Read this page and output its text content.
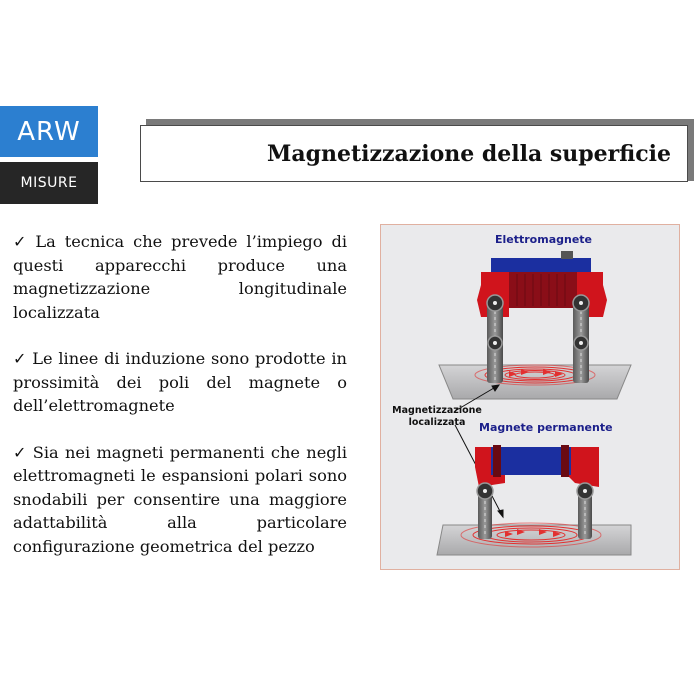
ARW
MISURE
Magnetizzazione della superficie
✓ La tecnica che prevede l’impiego di questi apparecchi produce una magnetizzazione longitudinale localizzata
✓ Le linee di induzione sono prodotte in prossimità dei poli del magnete o dell’elettromagnete
✓ Sia nei magneti permanenti che negli elettromagneti le espansioni polari sono snodabili per consentire una maggiore adattabilità alla particolare configurazione geometrica del pezzo
Elettromagnete
Magnetizzazione
localizzata	Magnete permanente
